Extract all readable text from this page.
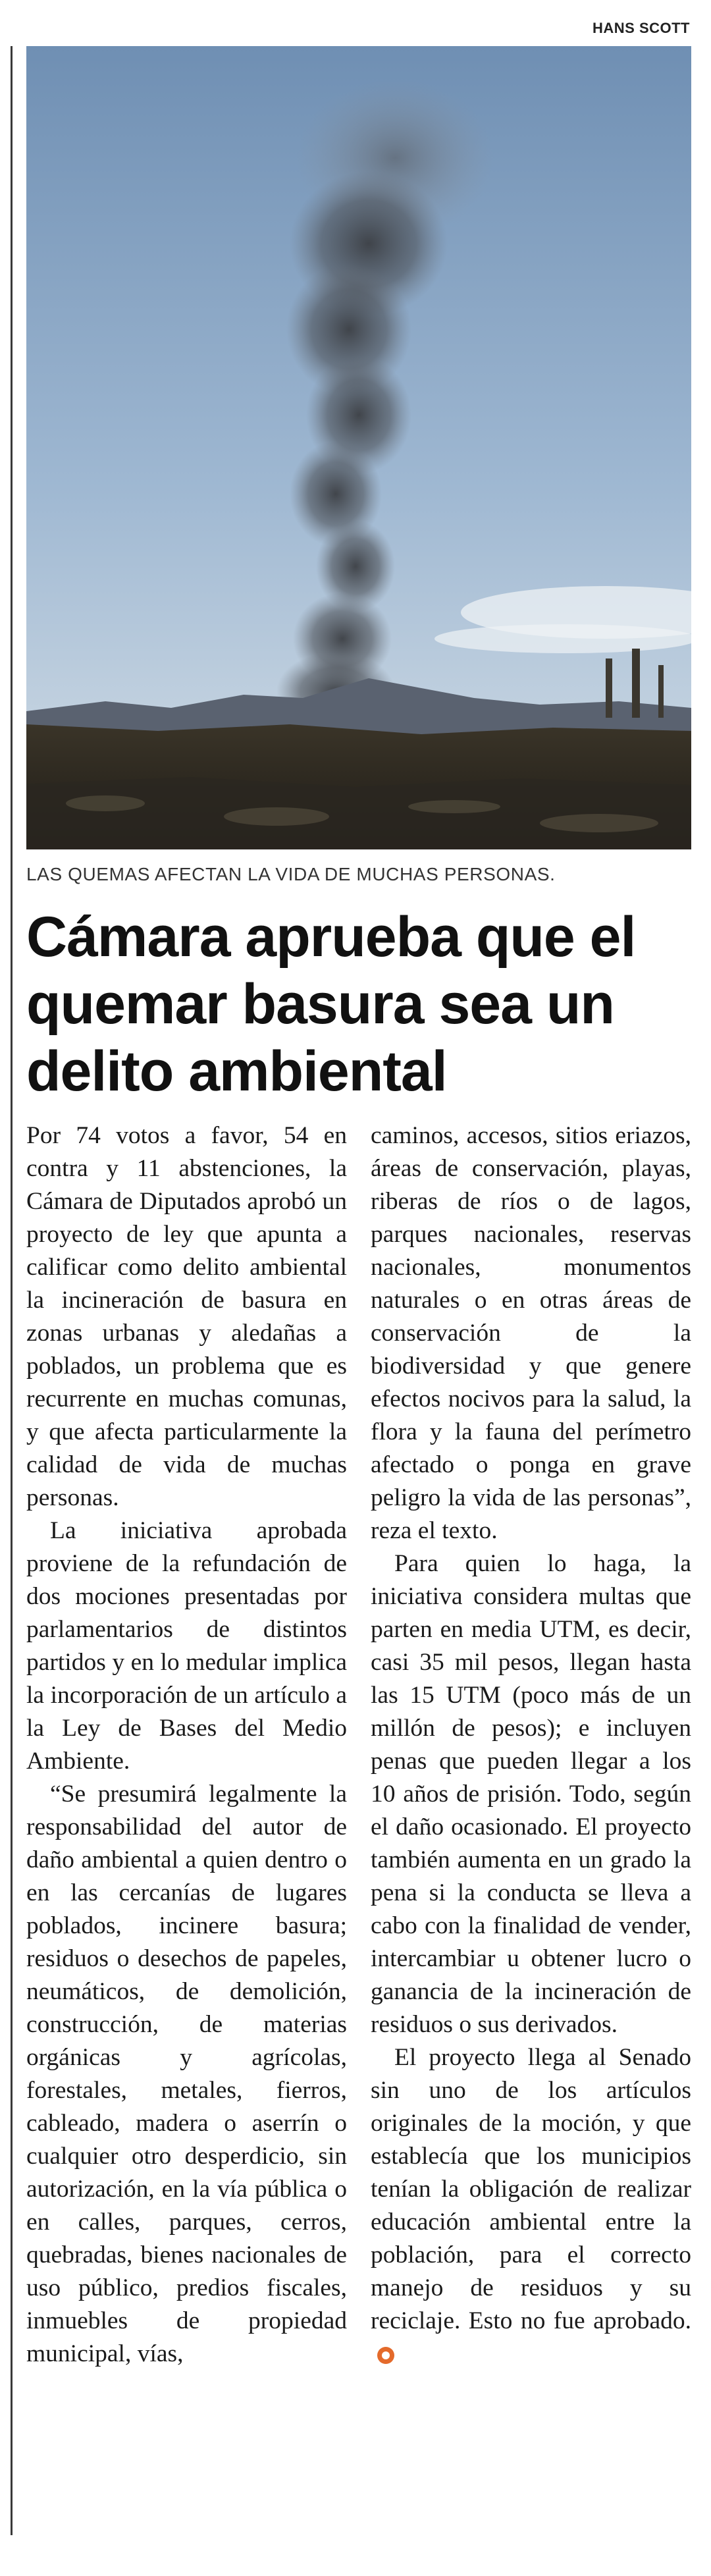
HANS SCOTT
LAS QUEMAS AFECTAN LA VIDA DE MUCHAS PERSONAS.
Cámara aprueba que el quemar basura sea un delito ambiental

Por 74 votos a favor, 54 en contra y 11 abstenciones, la Cámara de Diputados aprobó un proyecto de ley que apunta a calificar como delito ambiental la incineración de basura en zonas urbanas y aledañas a poblados, un problema que es recurrente en muchas comunas, y que afecta particularmente la calidad de vida de muchas personas.

La iniciativa aprobada proviene de la refundación de dos mociones presentadas por parlamentarios de distintos partidos y en lo medular implica la incorporación de un artículo a la Ley de Bases del Medio Ambiente.

“Se presumirá legalmente la responsabilidad del autor de daño ambiental a quien dentro o en las cercanías de lugares poblados, incinere basura; residuos o desechos de papeles, neumáticos, de demolición, construcción, de materias orgánicas y agrícolas, forestales, metales, fierros, cableado, madera o aserrín o cualquier otro desperdicio, sin autorización, en la vía pública o en calles, parques, cerros, quebradas, bienes nacionales de uso público, predios fiscales, inmuebles de propiedad municipal, vías,

caminos, accesos, sitios eriazos, áreas de conservación, playas, riberas de ríos o de lagos, parques nacionales, reservas nacionales, monumentos naturales o en otras áreas de conservación de la biodiversidad y que genere efectos nocivos para la salud, la flora y la fauna del perímetro afectado o ponga en grave peligro la vida de las personas”, reza el texto.

Para quien lo haga, la iniciativa considera multas que parten en media UTM, es decir, casi 35 mil pesos, llegan hasta las 15 UTM (poco más de un millón de pesos); e incluyen penas que pueden llegar a los 10 años de prisión. Todo, según el daño ocasionado. El proyecto también aumenta en un grado la pena si la conducta se lleva a cabo con la finalidad de vender, intercambiar u obtener lucro o ganancia de la incineración de residuos o sus derivados.

El proyecto llega al Senado sin uno de los artículos originales de la moción, y que establecía que los municipios tenían la obligación de realizar educación ambiental entre la población, para el correcto manejo de residuos y su reciclaje. Esto no fue aprobado.
